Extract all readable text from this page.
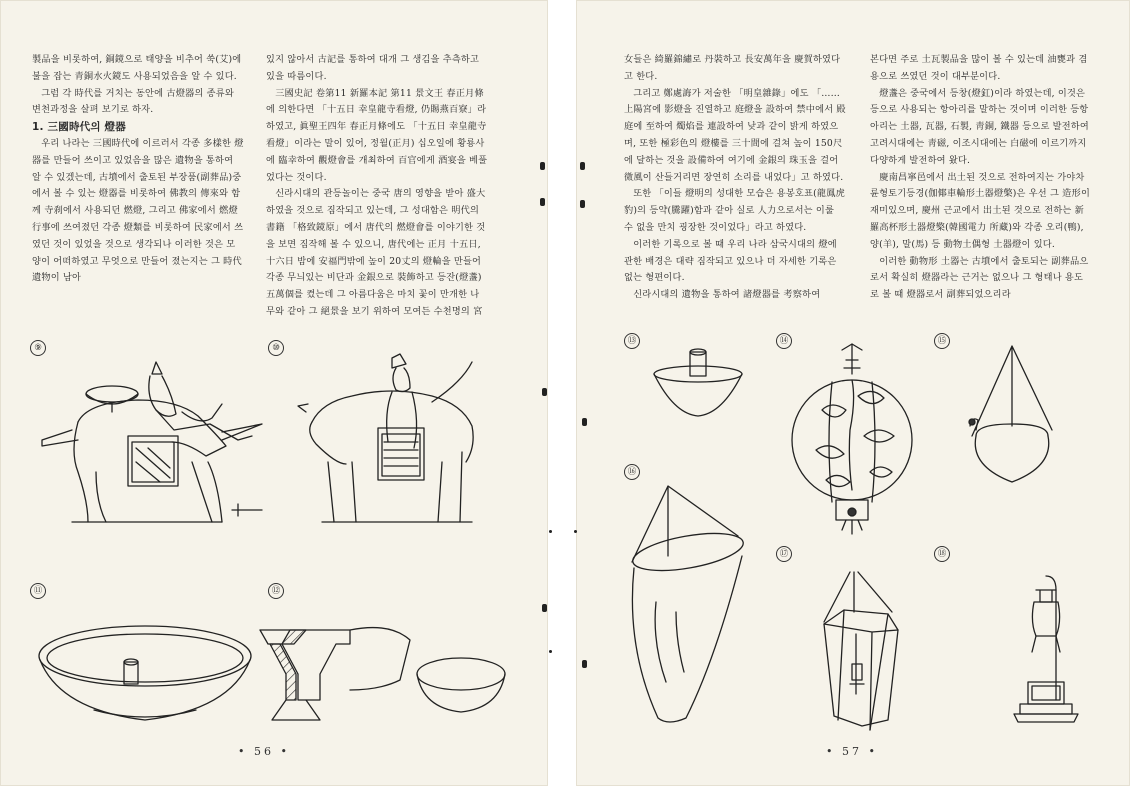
製品을 비롯하여, 銅鏡으로 태양을 비추어 쑥(艾)에 불을 잡는 青銅水火鏡도 사용되었음을 알 수 있다.

그럼 각 時代를 거치는 동안에 古燈器의 종류와 변천과정을 살펴 보기로 하자.

1. 三國時代의 燈器

우리 나라는 三國時代에 이르러서 각종 多樣한 燈器를 만들어 쓰이고 있었음을 많은 遺物을 통하여 알 수 있겠는데, 古墳에서 출토된 부장품(副葬品)중에서 볼 수 있는 燈器를 비롯하여 佛教의 傳來와 함께 寺刹에서 사용되던 燃燈, 그리고 佛家에서 燃燈行事에 쓰여졌던 각종 燈類를 비롯하여 民家에서 쓰였던 것이 있었을 것으로 생각되나 이러한 것은 모양이 어떠하였고 무엇으로 만들어 졌는지는 그 時代 遺物이 남아

있지 않아서 古記를 통하여 대개 그 생김을 추측하고 있을 따름이다.

三國史記 卷第11 新羅本記 第11 景文王 春正月條에 의한다면 「十五日 幸皇龍寺看燈, 仍賜燕百寮」라 하였고, 眞聖王四年 春正月條에도 「十五日 幸皇龍寺看燈」이라는 말이 있어, 정월(正月) 십오일에 황룡사에 臨幸하여 觀燈會를 개최하여 百官에게 酒宴을 베풀었다는 것이다.

신라시대의 관등놀이는 중국 唐의 영향을 받아 盛大하였을 것으로 짐작되고 있는데, 그 성대함은 明代의 書籍 「格致鏡原」에서 唐代의 燃燈會를 이야기한 것을 보면 짐작해 볼 수 있으니, 唐代에는 正月 十五日, 十六日 밤에 安福門밖에 높이 20丈의 燈輪을 만들어 각종 무늬있는 비단과 金銀으로 裝飾하고 등잔(燈盞) 五萬個를 켰는데 그 아름다움은 마치 꽃이 만개한 나무와 같아 그 絕景을 보기 위하여 모여든 수천명의 宮

女들은 綺羅錦繡로 丹裝하고 長安萬年을 慶賀하였다고 한다.

그리고 鄭處誨가 저술한 「明皇雜錄」에도 「……上陽宮에 影燈을 진열하고 庭燈을 設하여 禁中에서 殿庭에 至하여 燭焰를 連設하여 낮과 같이 밝게 하였으며, 또한 極彩色의 燈樓를 三十間에 걸쳐 높이 150尺에 달하는 것을 設備하여 여기에 金銀의 珠玉을 걸어 微風이 산들거리면 장연히 소리를 내었다」고 하였다.

또한 「이들 燈明의 성대한 모습은 용봉호표(龍鳳虎豹)의 등약(騰躍)함과 같아 실로 人力으로서는 이룰 수 없을 만치 굉장한 것이었다」라고 하였다.

이러한 기록으로 볼 때 우리 나라 삼국시대의 燈에 관한 배경은 대략 짐작되고 있으나 더 자세한 기록은 없는 형편이다.

신라시대의 遺物을 통하여 諸燈器를 考察하여

본다면 주로 土瓦製品을 많이 볼 수 있는데 油甕과 겸용으로 쓰였던 것이 대부분이다.

燈盞은 중국에서 등창(燈釭)이라 하였는데, 이것은 등으로 사용되는 항아리를 말하는 것이며 이러한 등항아리는 土器, 瓦器, 石製, 靑銅, 鐵器 등으로 발전하여 고려시대에는 靑磁, 이조시대에는 白磁에 이르기까지 다양하게 발전하여 왔다.

慶南昌寧邑에서 出土된 것으로 전하여지는 가야차륜형토기등경(伽倻車輪形土器燈檠)은 우선 그 造形이 재미있으며, 慶州 근교에서 出土된 것으로 전하는 新羅高杯形土器燈檠(韓國電力 所藏)와 각종 오리(鴨), 양(羊), 말(馬) 등 動物土偶형 土器燈이 있다.

이러한 動物形 土器는 古墳에서 출토되는 副葬品으로서 확실히 燈器라는 근거는 없으나 그 형태나 용도로 볼 때 燈器로서 副葬되었으리라

⑨	⑩
⑪	⑫
⑬	⑭	⑮
⑯
⑰	⑱
• 56 •	• 57 •
